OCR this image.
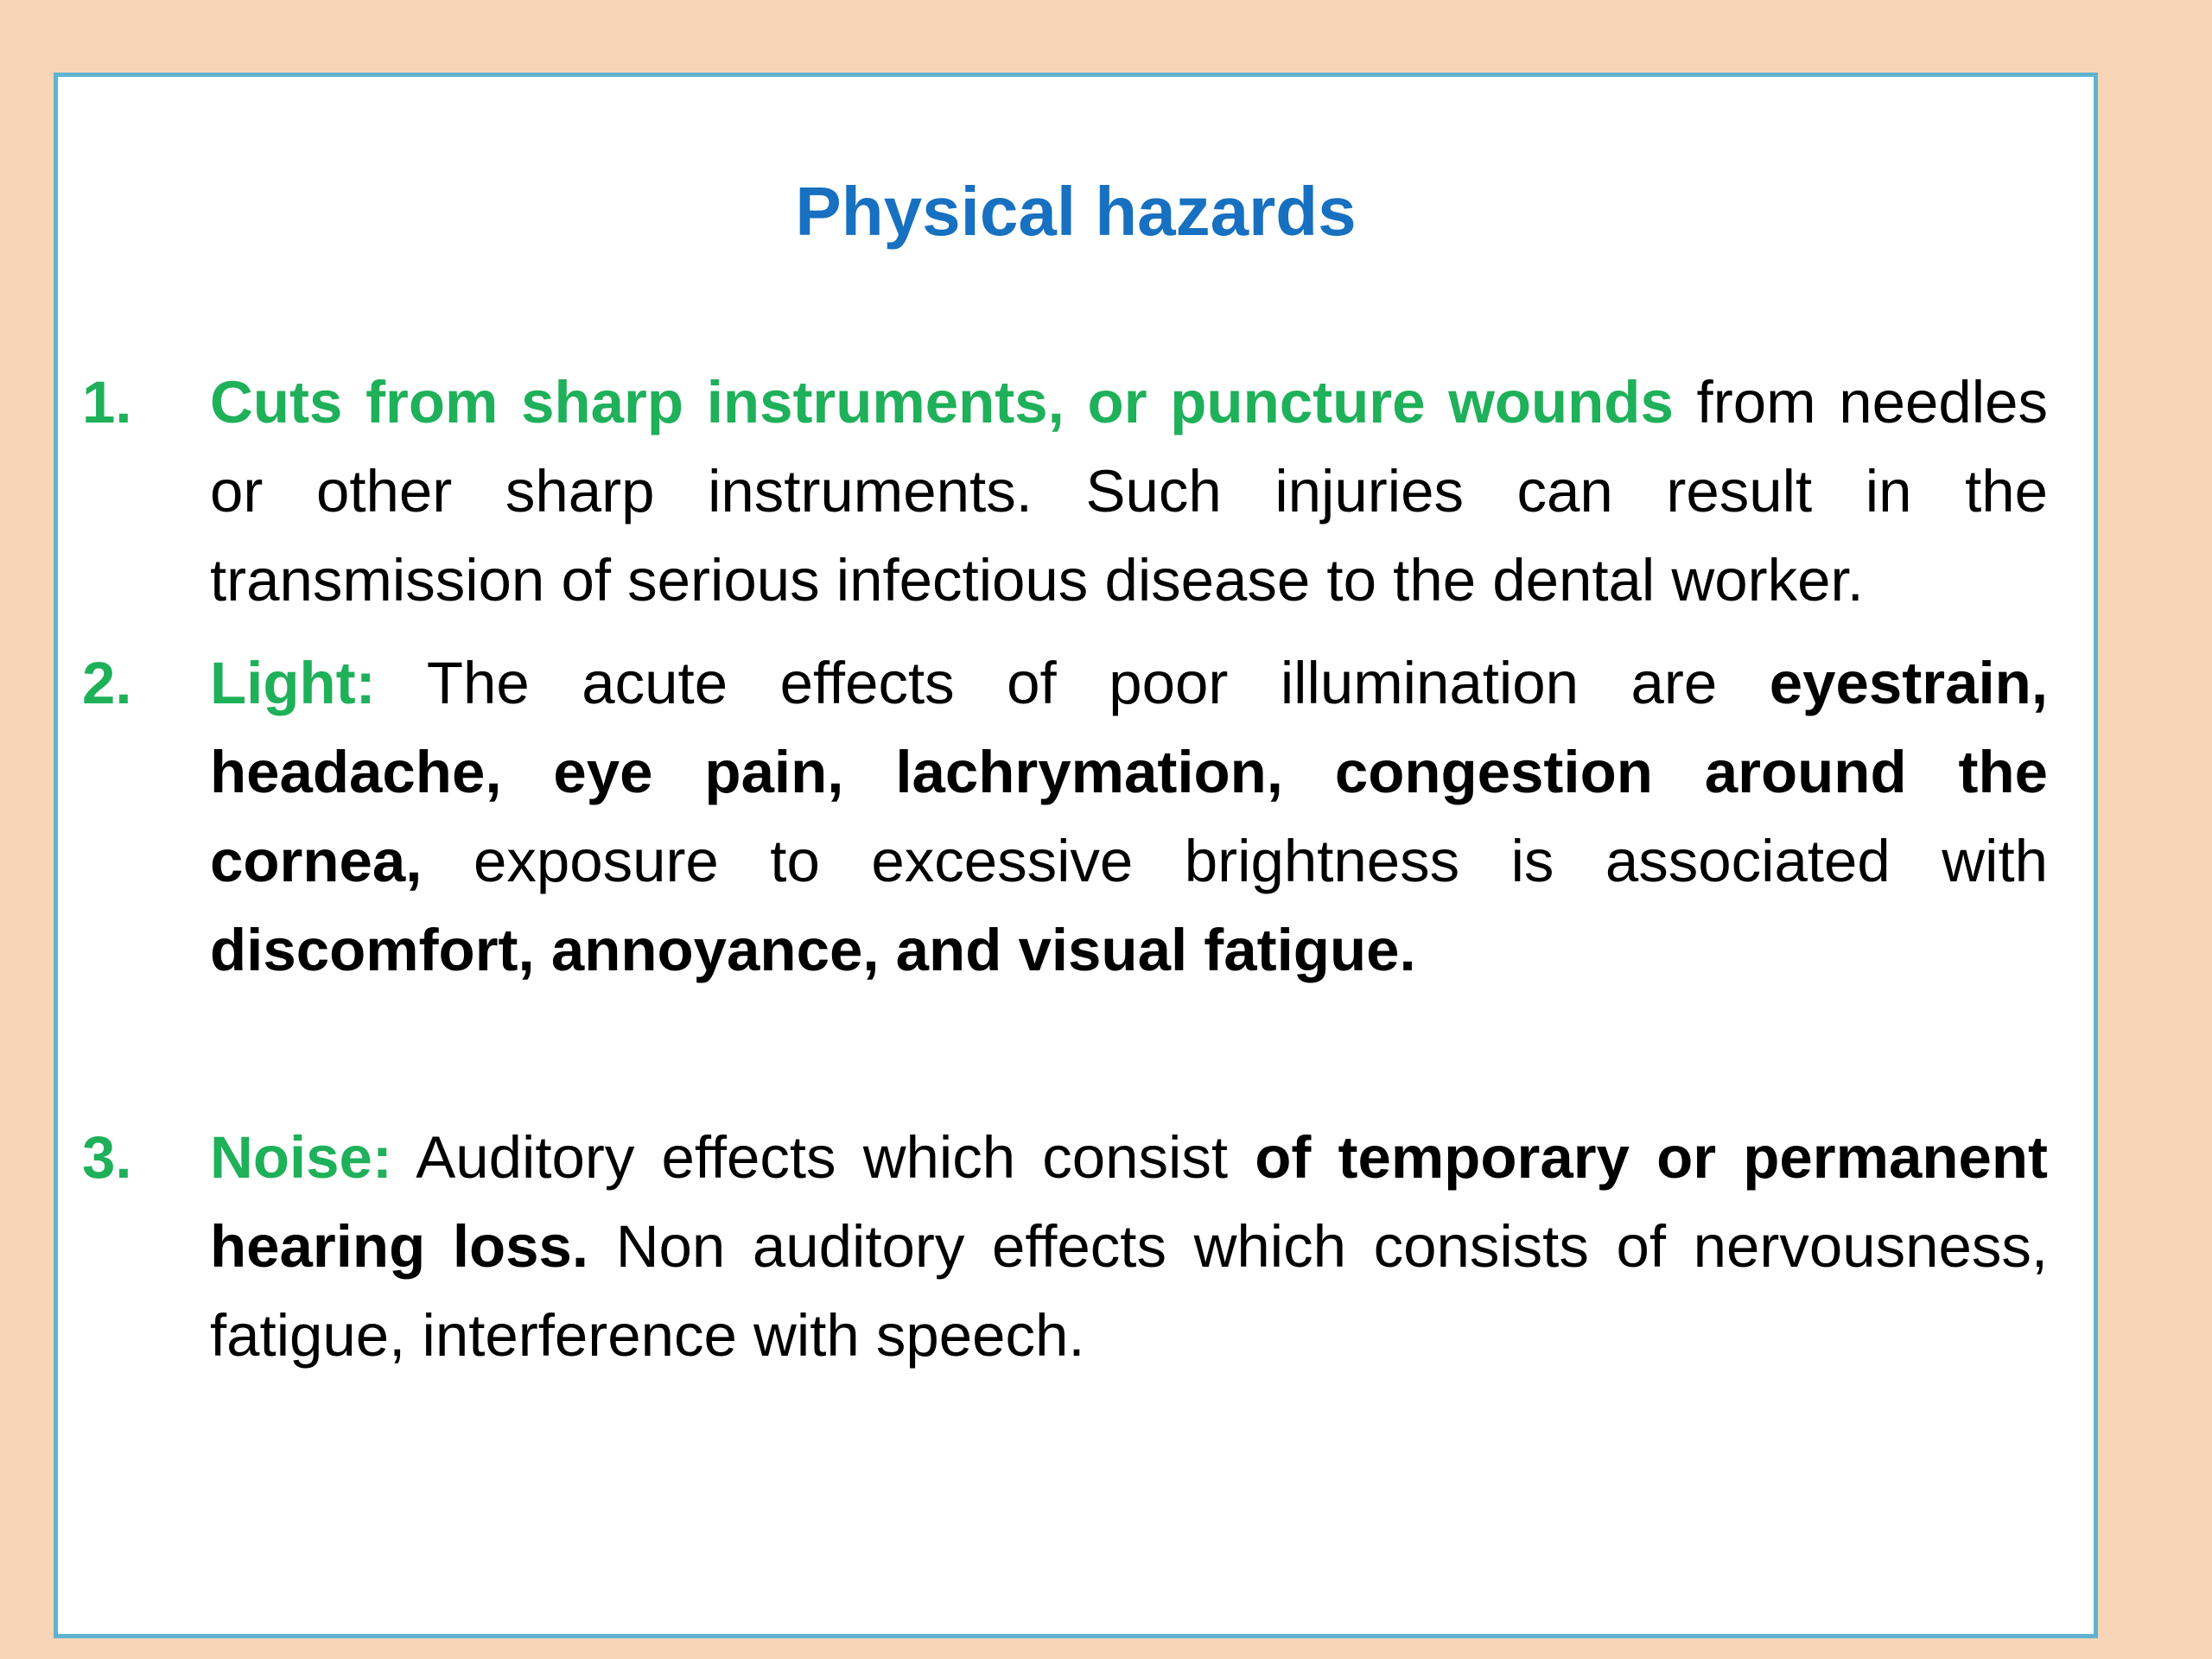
Physical hazards
1. Cuts from sharp instruments, or puncture wounds from needles or other sharp instruments. Such injuries can result in the transmission of serious infectious disease to the dental worker.
2. Light: The acute effects of poor illumination are eyestrain, headache, eye pain, lachrymation, congestion around the cornea, exposure to excessive brightness is associated with discomfort, annoyance, and visual fatigue.
3. Noise: Auditory effects which consist of temporary or permanent hearing loss. Non auditory effects which consists of nervousness, fatigue, interference with speech.
